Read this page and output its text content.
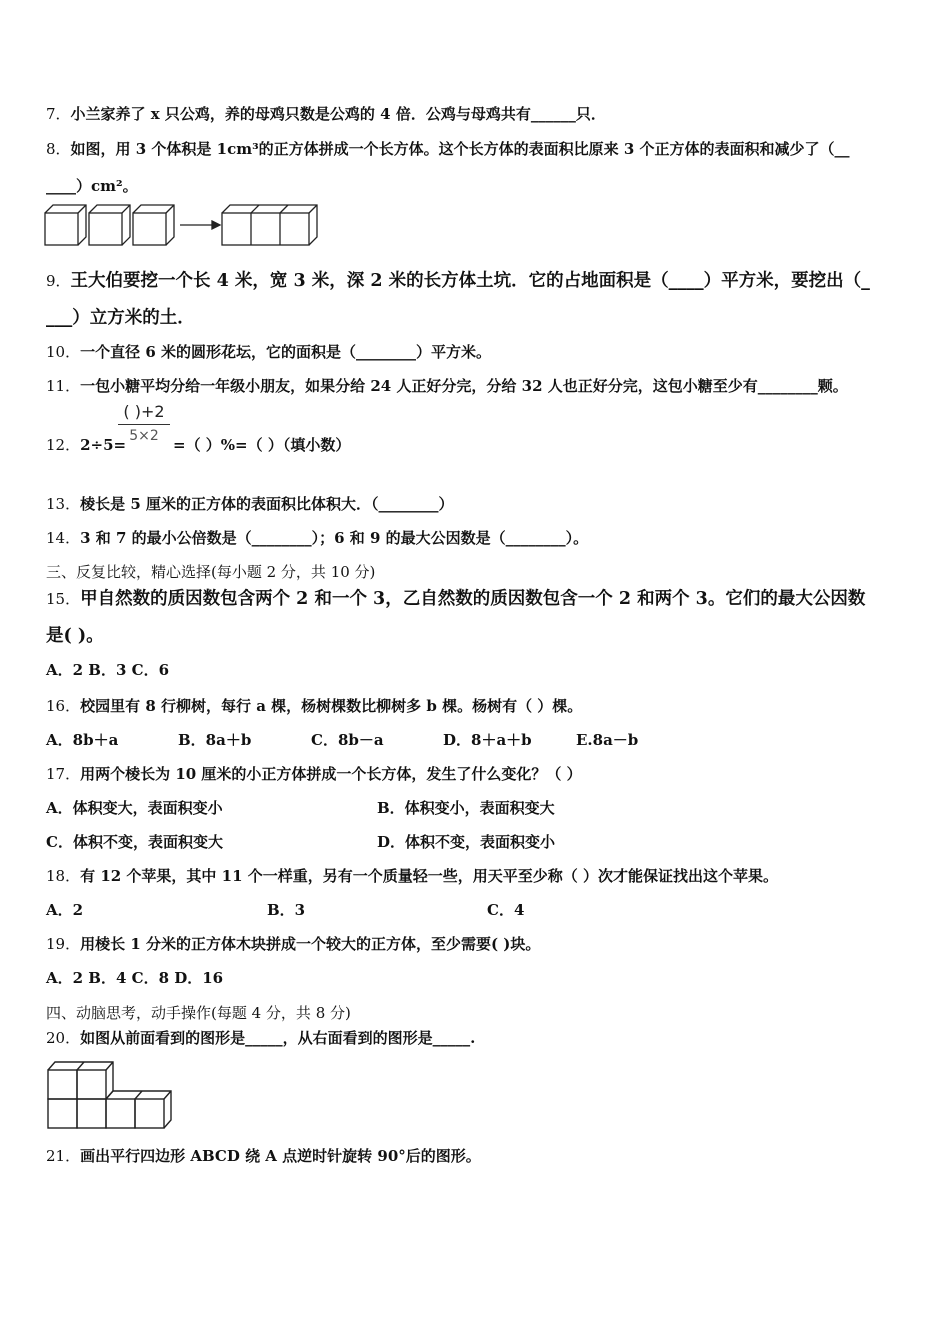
7．小兰家养了 x 只公鸡，养的母鸡只数是公鸡的 4 倍．公鸡与母鸡共有______只．
8．如图，用 3 个体积是 1cm³的正方体拼成一个长方体。这个长方体的表面积比原来 3 个正方体的表面积和减少了（__
____）cm²。
9．王大伯要挖一个长 4 米，宽 3 米，深 2 米的长方体土坑．它的占地面积是（____）平方米，要挖出（_
___）立方米的土．
10．一个直径 6 米的圆形花坛，它的面积是（________）平方米。
11．一包小糖平均分给一年级小朋友，如果分给 24 人正好分完，分给 32 人也正好分完，这包小糖至少有________颗。
12．2÷5=
( )+2
5×2 =（ ）%=（ ）（填小数）
13．棱长是 5 厘米的正方体的表面积比体积大．（________）
14．3 和 7 的最小公倍数是（________）；6 和 9 的最大公因数是（________）。
三、反复比较，精心选择(每小题 2 分，共 10 分)
15．甲自然数的质因数包含两个 2 和一个 3，乙自然数的质因数包含一个 2 和两个 3。它们的最大公因数
是( )。
A．2 B．3 C．6
16．校园里有 8 行柳树，每行 a 棵，杨树棵数比柳树多 b 棵。杨树有（ ）棵。
A．8b＋a	B．8a＋b	C．8b－a	D．8＋a＋b	E.8a－b
17．用两个棱长为 10 厘米的小正方体拼成一个长方体，发生了什么变化？（ ）
A．体积变大，表面积变小	B．体积变小，表面积变大
C．体积不变，表面积变大	D．体积不变，表面积变小
18．有 12 个苹果，其中 11 个一样重，另有一个质量轻一些，用天平至少称（ ）次才能保证找出这个苹果。
A．2	B．3	C．4
19．用棱长 1 分米的正方体木块拼成一个较大的正方体，至少需要( )块。
A．2 B．4 C．8 D．16
四、动脑思考，动手操作(每题 4 分，共 8 分)
20．如图从前面看到的图形是_____，从右面看到的图形是_____.
21．画出平行四边形 ABCD 绕 A 点逆时针旋转 90°后的图形。
